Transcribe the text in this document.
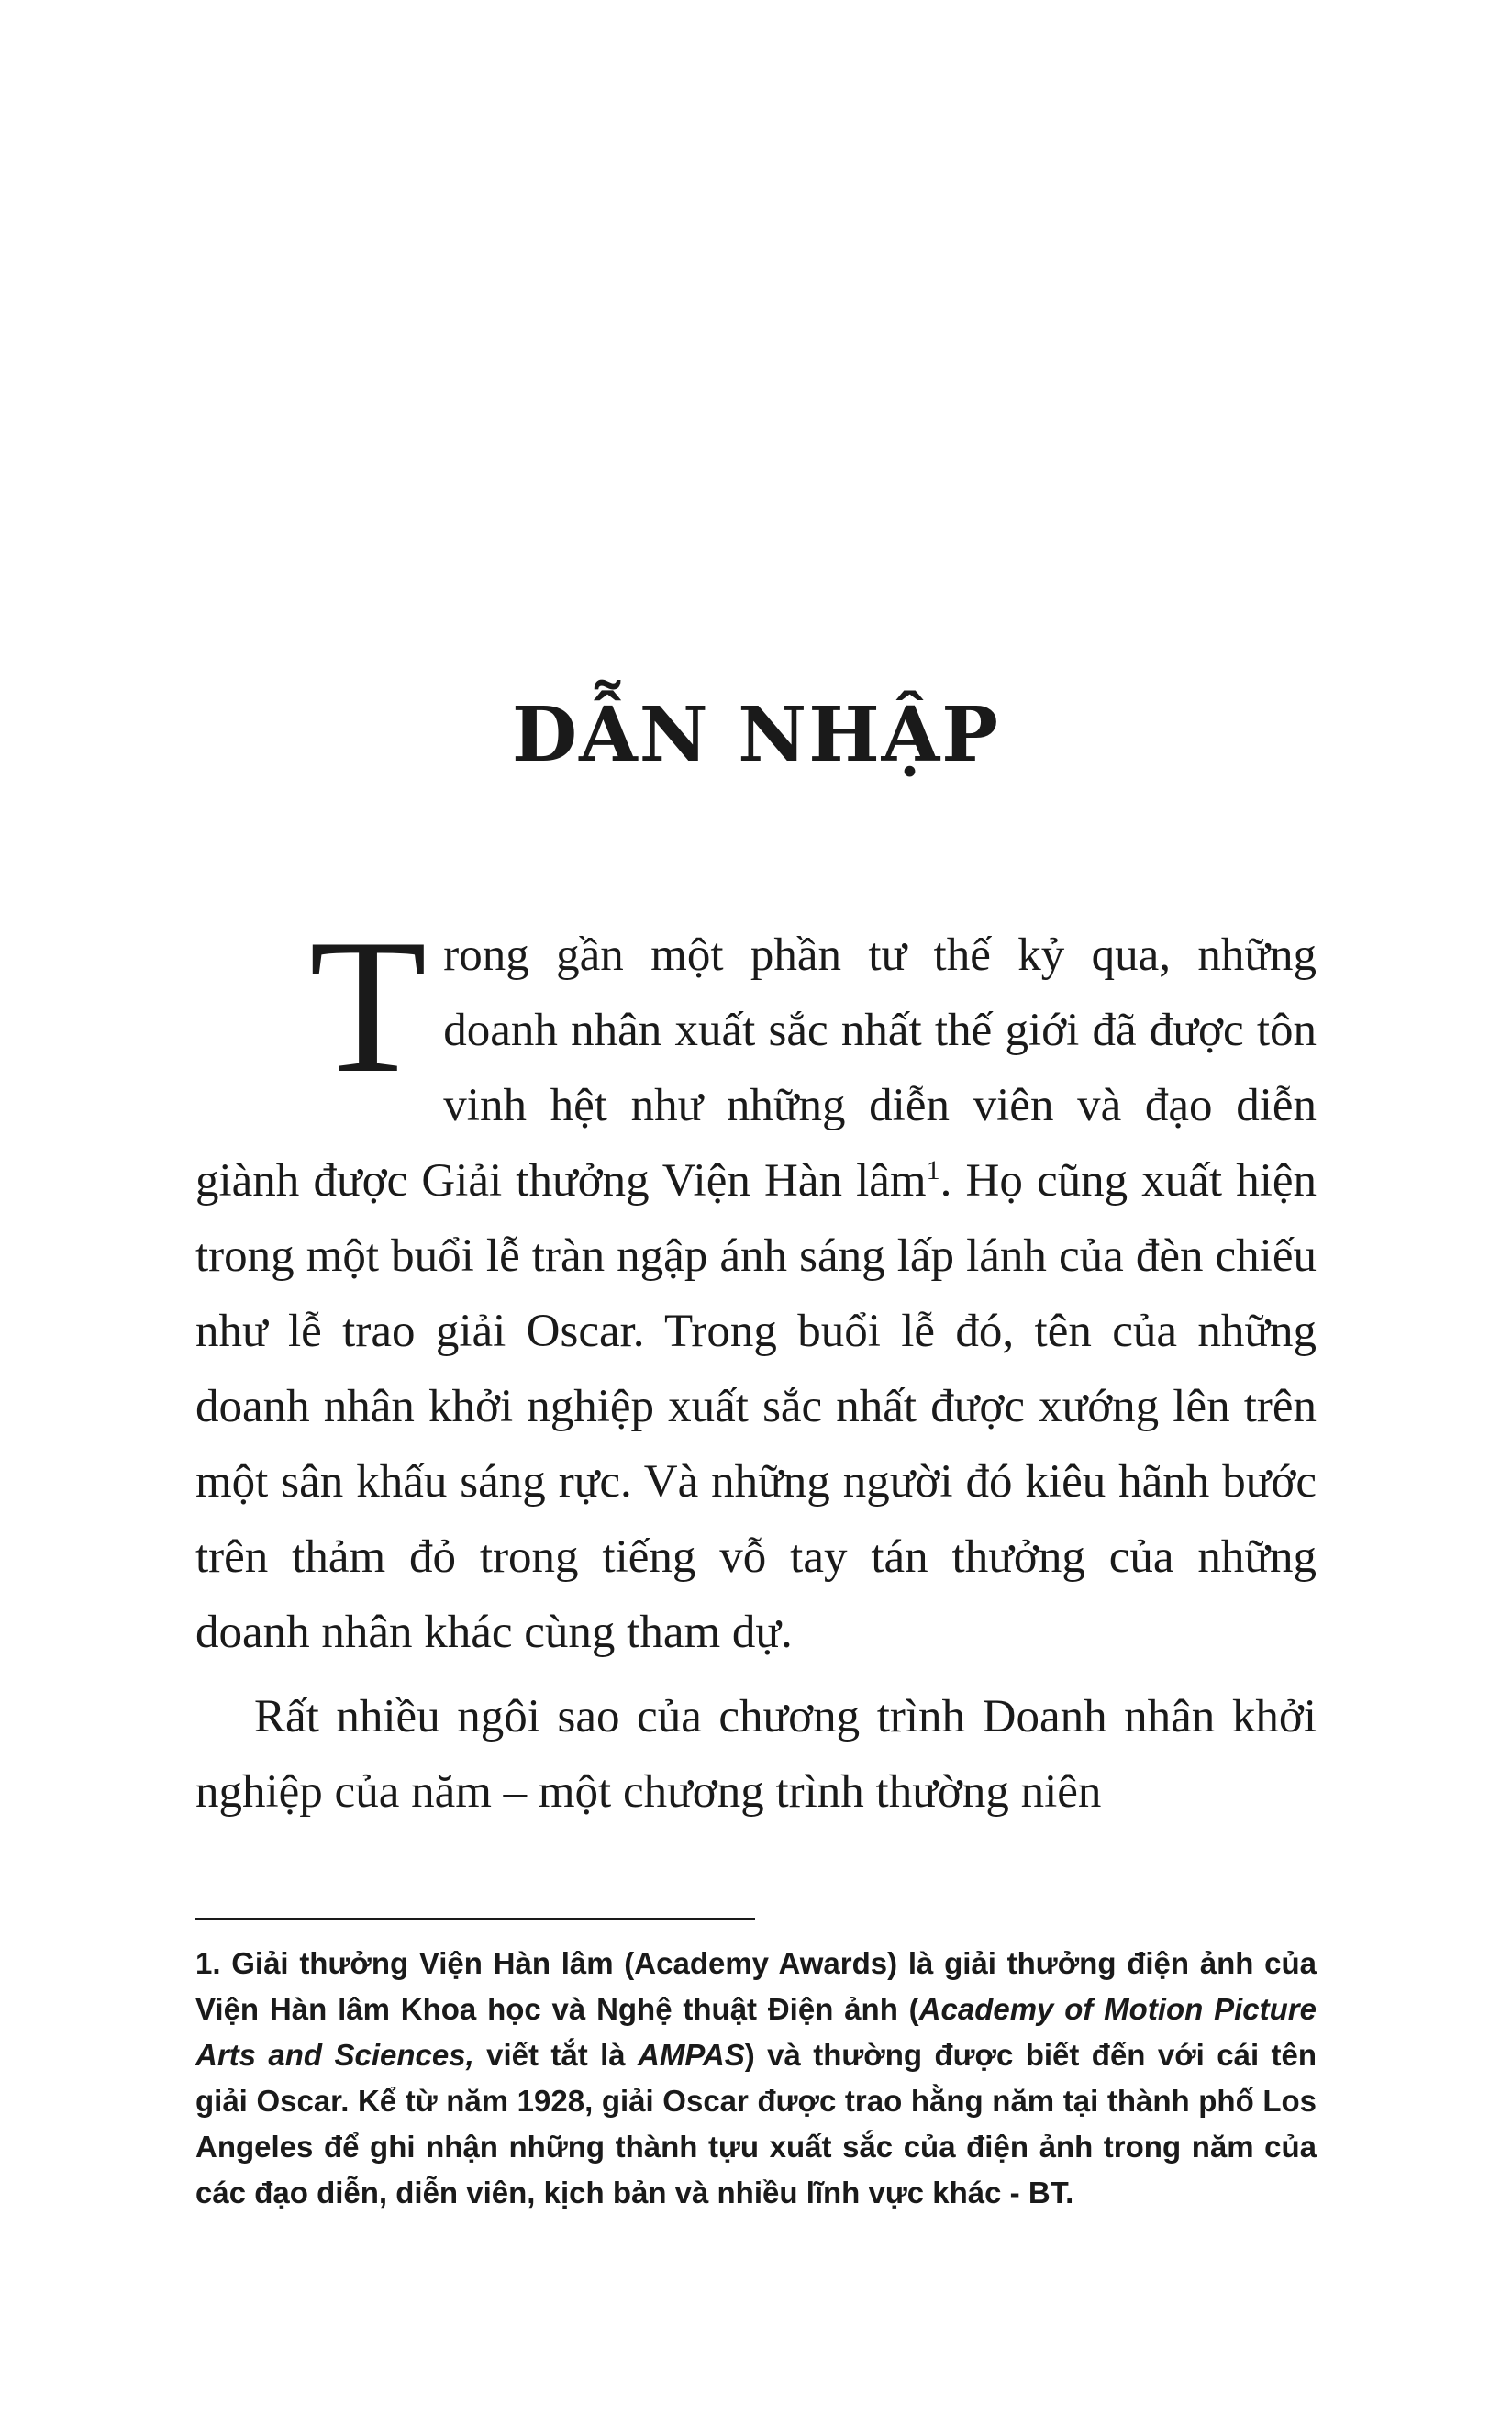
DẪN NHẬP

Trong gần một phần tư thế kỷ qua, những doanh nhân xuất sắc nhất thế giới đã được tôn vinh hệt như những diễn viên và đạo diễn giành được Giải thưởng Viện Hàn lâm$^1$. Họ cũng xuất hiện trong một buổi lễ tràn ngập ánh sáng lấp lánh của đèn chiếu như lễ trao giải Oscar. Trong buổi lễ đó, tên của những doanh nhân khởi nghiệp xuất sắc nhất được xướng lên trên một sân khấu sáng rực. Và những người đó kiêu hãnh bước trên thảm đỏ trong tiếng vỗ tay tán thưởng của những doanh nhân khác cùng tham dự.

Rất nhiều ngôi sao của chương trình Doanh nhân khởi nghiệp của năm – một chương trình thường niên

1. Giải thưởng Viện Hàn lâm (Academy Awards) là giải thưởng điện ảnh của Viện Hàn lâm Khoa học và Nghệ thuật Điện ảnh (Academy of Motion Picture Arts and Sciences, viết tắt là AMPAS) và thường được biết đến với cái tên giải Oscar. Kể từ năm 1928, giải Oscar được trao hằng năm tại thành phố Los Angeles để ghi nhận những thành tựu xuất sắc của điện ảnh trong năm của các đạo diễn, diễn viên, kịch bản và nhiều lĩnh vực khác - BT.
